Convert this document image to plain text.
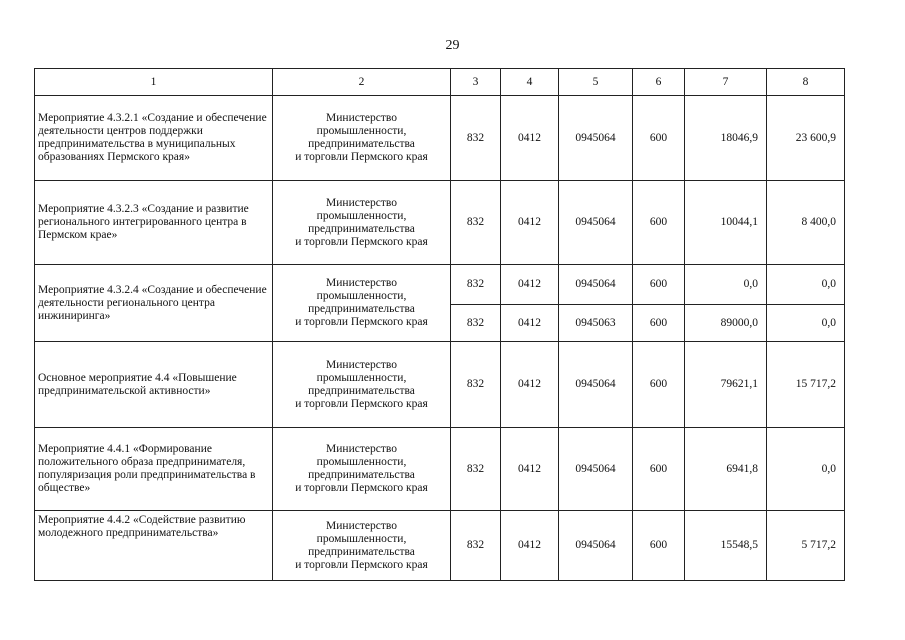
29
1	2	3	4	5	6	7	8
Мероприятие 4.3.2.1 «Создание и обеспечение деятельности центров поддержки предпринимательства в муниципальных образованиях Пермского края»	Министерство
промышленности,
предпринимательства
и торговли Пермского края	832	0412	0945064	600	18046,9	23 600,9
Мероприятие 4.3.2.3 «Создание и развитие регионального интегрированного центра в Пермском крае»	Министерство
промышленности,
предпринимательства
и торговли Пермского края	832	0412	0945064	600	10044,1	8 400,0
Мероприятие 4.3.2.4 «Создание и обеспечение деятельности регионального центра инжиниринга»	Министерство
промышленности,
предпринимательства
и торговли Пермского края	832	0412	0945064	600	0,0	0,0
		832	0412	0945063	600	89000,0	0,0
Основное мероприятие 4.4 «Повышение предпринимательской активности»	Министерство
промышленности,
предпринимательства
и торговли Пермского края	832	0412	0945064	600	79621,1	15 717,2
Мероприятие 4.4.1 «Формирование положительного образа предпринимателя, популяризация роли предпринимательства в обществе»	Министерство
промышленности,
предпринимательства
и торговли Пермского края	832	0412	0945064	600	6941,8	0,0
Мероприятие 4.4.2 «Содействие развитию молодежного предпринимательства»	Министерство
промышленности,
предпринимательства
и торговли Пермского края	832	0412	0945064	600	15548,5	5 717,2
